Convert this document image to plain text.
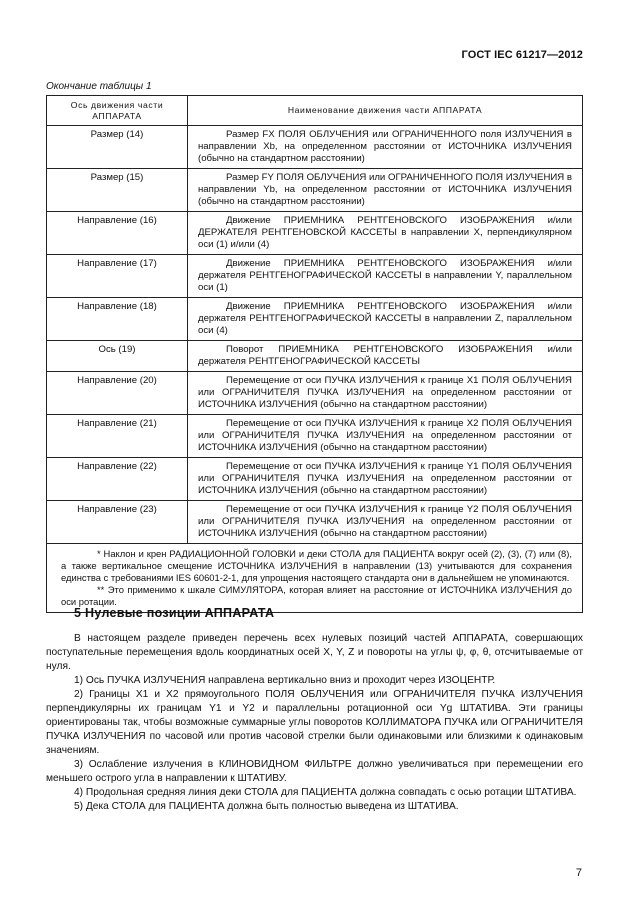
ГОСТ IEC 61217—2012
Окончание таблицы 1
Ось движения части АППАРАТА	Наименование движения части АППАРАТА
Размер (14)	Размер FX ПОЛЯ ОБЛУЧЕНИЯ или ОГРАНИЧЕННОГО поля ИЗЛУЧЕНИЯ в направлении Xb, на определенном расстоянии от ИСТОЧНИКА ИЗЛУЧЕНИЯ (обычно на стандартном расстоянии)
Размер (15)	Размер FY ПОЛЯ ОБЛУЧЕНИЯ или ОГРАНИЧЕННОГО ПОЛЯ ИЗЛУЧЕНИЯ в направлении Yb, на определенном расстоянии от ИСТОЧНИКА ИЗЛУЧЕНИЯ (обычно на стандартном расстоянии)
Направление (16)	Движение ПРИЕМНИКА РЕНТГЕНОВСКОГО ИЗОБРАЖЕНИЯ и/или ДЕРЖАТЕЛЯ РЕНТГЕНОВСКОЙ КАССЕТЫ в направлении X, перпендикулярном оси (1) и/или (4)
Направление (17)	Движение ПРИЕМНИКА РЕНТГЕНОВСКОГО ИЗОБРАЖЕНИЯ и/или держателя РЕНТГЕНОГРАФИЧЕСКОЙ КАССЕТЫ в направлении Y, параллельном оси (1)
Направление (18)	Движение ПРИЕМНИКА РЕНТГЕНОВСКОГО ИЗОБРАЖЕНИЯ и/или держателя РЕНТГЕНОГРАФИЧЕСКОЙ КАССЕТЫ в направлении Z, параллельном оси (4)
Ось (19)	Поворот ПРИЕМНИКА РЕНТГЕНОВСКОГО ИЗОБРАЖЕНИЯ и/или держателя РЕНТГЕНОГРАФИЧЕСКОЙ КАССЕТЫ
Направление (20)	Перемещение от оси ПУЧКА ИЗЛУЧЕНИЯ к границе X1 ПОЛЯ ОБЛУЧЕНИЯ или ОГРАНИЧИТЕЛЯ ПУЧКА ИЗЛУЧЕНИЯ на определенном расстоянии от ИСТОЧНИКА ИЗЛУЧЕНИЯ (обычно на стандартном расстоянии)
Направление (21)	Перемещение от оси ПУЧКА ИЗЛУЧЕНИЯ к границе X2 ПОЛЯ ОБЛУЧЕНИЯ или ОГРАНИЧИТЕЛЯ ПУЧКА ИЗЛУЧЕНИЯ на определенном расстоянии от ИСТОЧНИКА ИЗЛУЧЕНИЯ (обычно на стандартном расстоянии)
Направление (22)	Перемещение от оси ПУЧКА ИЗЛУЧЕНИЯ к границе Y1 ПОЛЯ ОБЛУЧЕНИЯ или ОГРАНИЧИТЕЛЯ ПУЧКА ИЗЛУЧЕНИЯ на определенном расстоянии от ИСТОЧНИКА ИЗЛУЧЕНИЯ (обычно на стандартном расстоянии)
Направление (23)	Перемещение от оси ПУЧКА ИЗЛУЧЕНИЯ к границе Y2 ПОЛЯ ОБЛУЧЕНИЯ или ОГРАНИЧИТЕЛЯ ПУЧКА ИЗЛУЧЕНИЯ на определенном расстоянии от ИСТОЧНИКА ИЗЛУЧЕНИЯ (обычно на стандартном расстоянии)

* Наклон и крен РАДИАЦИОННОЙ ГОЛОВКИ и деки СТОЛА для ПАЦИЕНТА вокруг осей (2), (3), (7) или (8), а также вертикальное смещение ИСТОЧНИКА ИЗЛУЧЕНИЯ в направлении (13) учитываются для сохранения единства с требованиями IES 60601-2-1, для упрощения настоящего стандарта они в дальнейшем не упоминаются.
** Это применимо к шкале СИМУЛЯТОРА, которая влияет на расстояние от ИСТОЧНИКА ИЗЛУЧЕНИЯ до оси ротации.	
5 Нулевые позиции АППАРАТА

В настоящем разделе приведен перечень всех нулевых позиций частей АППАРАТА, совершающих поступательные перемещения вдоль координатных осей X, Y, Z и повороты на углы ψ, φ, θ, отсчитываемые от нуля.

1) Ось ПУЧКА ИЗЛУЧЕНИЯ направлена вертикально вниз и проходит через ИЗОЦЕНТР.

2) Границы X1 и X2 прямоугольного ПОЛЯ ОБЛУЧЕНИЯ или ОГРАНИЧИТЕЛЯ ПУЧКА ИЗЛУЧЕНИЯ перпендикулярны их границам Y1 и Y2 и параллельны ротационной оси Yg ШТАТИВА. Эти границы ориентированы так, чтобы возможные суммарные углы поворотов КОЛЛИМАТОРА ПУЧКА или ОГРАНИЧИТЕЛЯ ПУЧКА ИЗЛУЧЕНИЯ по часовой или против часовой стрелки были одинаковыми или близкими к одинаковым значениям.

3) Ослабление излучения в КЛИНОВИДНОМ ФИЛЬТРЕ должно увеличиваться при перемещении его меньшего острого угла в направлении к ШТАТИВУ.

4) Продольная средняя линия деки СТОЛА для ПАЦИЕНТА должна совпадать с осью ротации ШТАТИВА.

5) Дека СТОЛА для ПАЦИЕНТА должна быть полностью выведена из ШТАТИВА.

7
